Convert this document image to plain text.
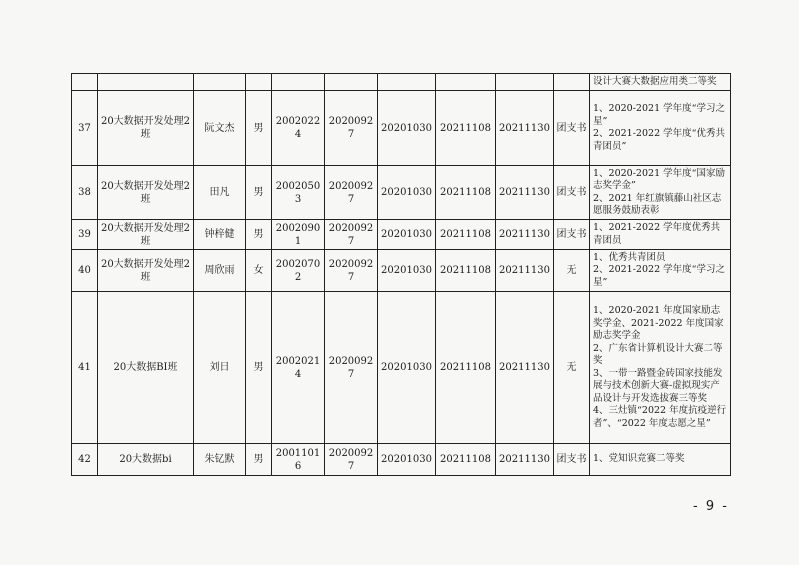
										设计大赛大数据应用类二等奖

37	20大数据开发处理2班	阮文杰	男	20020224	20200927	20201030	20211108	20211130	团支书	1、2020-2021 学年度“学习之星”
2、2021-2022 学年度“优秀共青团员”

38	20大数据开发处理2班	田凡	男	20020503	20200927	20201030	20211108	20211130	团支书	1、2020-2021 学年度“国家励志奖学金”
2、2021 年红旗镇藤山社区志愿服务鼓励表彰

39	20大数据开发处理2班	钟梓健	男	20020901	20200927	20201030	20211108	20211130	团支书	1、2021-2022 学年度优秀共青团员

40	20大数据开发处理2班	周欣雨	女	20020702	20200927	20201030	20211108	20211130	无	1、优秀共青团员
2、2021-2022 学年度“学习之星”

41	20大数据BI班	刘日	男	20020214	20200927	20201030	20211108	20211130	无	1、2020-2021 年度国家励志奖学金、2021-2022 年度国家励志奖学金
2、广东省计算机设计大赛二等奖
3、一带一路暨金砖国家技能发展与技术创新大赛-虚拟现实产品设计与开发选拔赛三等奖
4、三灶镇“2022 年度抗疫逆行者”、“2022 年度志愿之星”

42	20大数据bi	朱钇默	男	20011016	20200927	20201030	20211108	20211130	团支书	1、党知识竞赛二等奖
- 9 -
